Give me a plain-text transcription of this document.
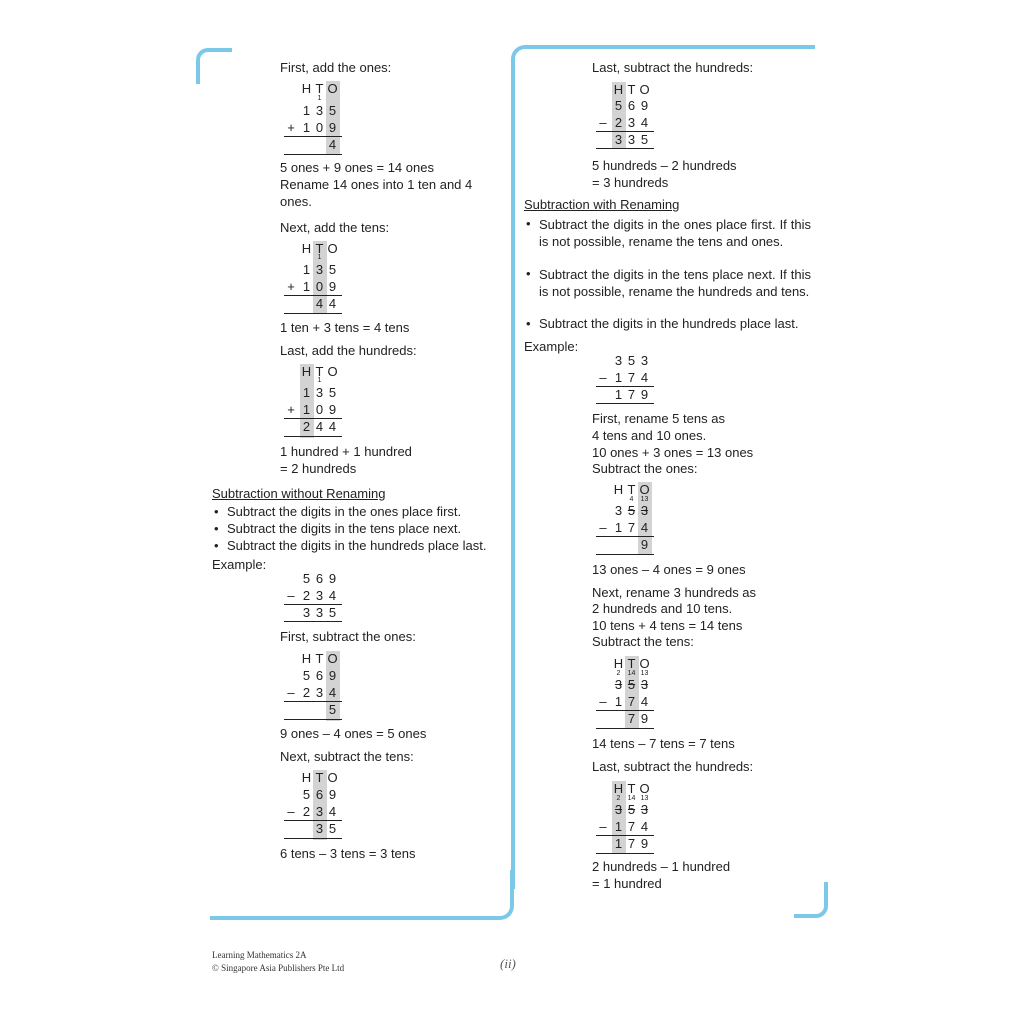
First, add the ones:
H T O
1
1 3 5
+ 1 0 9
4
5 ones + 9 ones = 14 ones
Rename 14 ones into 1 ten and 4
ones.
Next, add the tens:
H T O
1
1 3 5
+ 1 0 9
4 4
1 ten + 3 tens = 4 tens
Last, add the hundreds:
H T O
1
1 3 5
+ 1 0 9
2 4 4
1 hundred + 1 hundred
= 2 hundreds
Subtraction without Renaming
• Subtract the digits in the ones place first.
• Subtract the digits in the tens place next.
• Subtract the digits in the hundreds place last.
Example:
5 6 9
– 2 3 4
3 3 5
First, subtract the ones:
H T O
5 6 9
– 2 3 4
5
9 ones – 4 ones = 5 ones
Next, subtract the tens:
H T O
5 6 9
– 2 3 4
3 5
6 tens – 3 tens = 3 tens
Last, subtract the hundreds:
H T O
5 6 9
– 2 3 4
3 3 5
5 hundreds – 2 hundreds
= 3 hundreds
Subtraction with Renaming
• Subtract the digits in the ones place first. If this is not possible, rename the tens and ones.
• Subtract the digits in the tens place next. If this is not possible, rename the hundreds and tens.
• Subtract the digits in the hundreds place last.
Example:
3 5 3
– 1 7 4
1 7 9
First, rename 5 tens as
4 tens and 10 ones.
10 ones + 3 ones = 13 ones
Subtract the ones:
H T O
4	13
3 5 3
– 1 7 4
9
13 ones – 4 ones = 9 ones
Next, rename 3 hundreds as
2 hundreds and 10 tens.
10 tens + 4 tens = 14 tens
Subtract the tens:
H T O
2	14 13
3 5 3
– 1 7 4
7 9
14 tens – 7 tens = 7 tens
Last, subtract the hundreds:
H T O
2	14 13
3 5 3
– 1 7 4
1 7 9
2 hundreds – 1 hundred
= 1 hundred
Learning Mathematics 2A
© Singapore Asia Publishers Pte Ltd	(ii)
